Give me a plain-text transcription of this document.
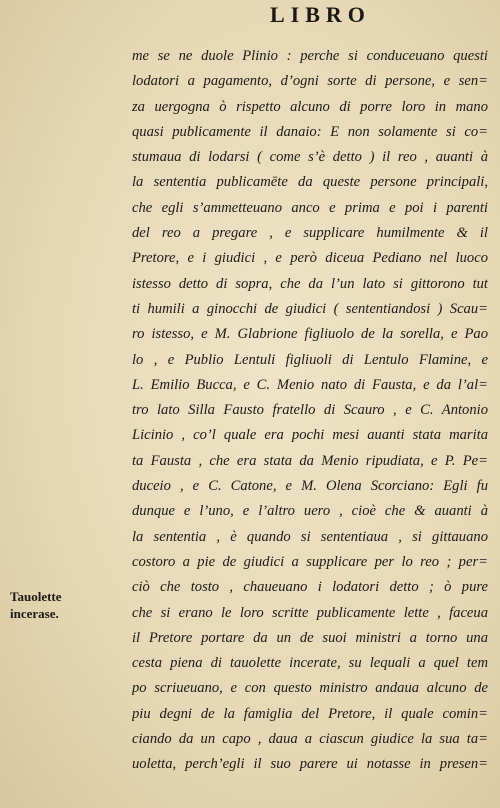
LIBRO
me se ne duole Plinio : perche si conduceuano questi
lodatori a pagamento, d’ogni sorte di persone, e sen=
za uergogna ò rispetto alcuno di porre loro in mano
quasi publicamente il danaio: E non solamente si co=
stumaua di lodarsi ( come s’è detto ) il reo , auanti à
la sententia publicamēte da queste persone principali,
che egli s’ammetteuano anco e prima e poi i parenti
del reo a pregare , e supplicare humilmente & il
Pretore, e i giudici , e però diceua Pediano nel luoco
istesso detto di sopra, che da l’un lato si gittorono tut
ti humili a ginocchi de giudici ( sententiandosi ) Scau=
ro istesso, e M. Glabrione figliuolo de la sorella, e Pao
lo , e Publio Lentuli figliuoli di Lentulo Flamine, e
L. Emilio Bucca, e C. Menio nato di Fausta, e da l’al=
tro lato Silla Fausto fratello di Scauro , e C. Antonio
Licinio , co’l quale era pochi mesi auanti stata marita
ta Fausta , che era stata da Menio ripudiata, e P. Pe=
duceio , e C. Catone, e M. Olena Scorciano: Egli fu
dunque e l’uno, e l’altro uero , cioè che & auanti à
la sententia , è quando si sententiaua , si gittauano
costoro a pie de giudici a supplicare per lo reo ; per=
ciò che tosto , chaueuano i lodatori detto ; ò pure
che si erano le loro scritte publicamente lette , faceua
il Pretore portare da un de suoi ministri a torno una
cesta piena di tauolette incerate, su lequali a quel tem
po scriueuano, e con questo ministro andaua alcuno de
piu degni de la famiglia del Pretore, il quale comin=
ciando da un capo , daua a ciascun giudice la sua ta=
uoletta, perch’egli il suo parere ui notasse in presen=
Tauolette
incerase.
